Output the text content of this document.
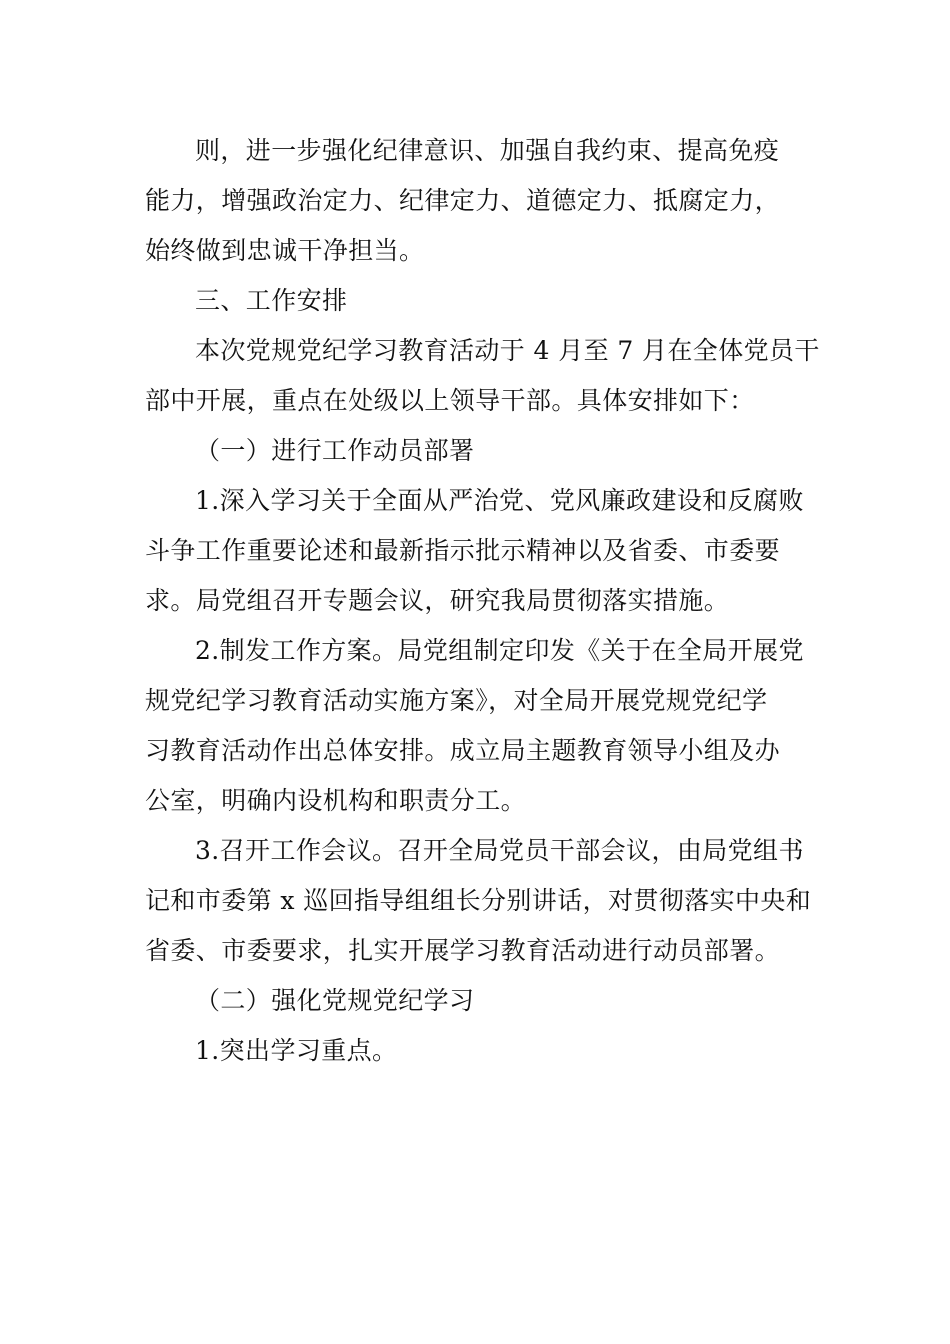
则，进一步强化纪律意识、加强自我约束、提高免疫
能力，增强政治定力、纪律定力、道德定力、抵腐定力，
始终做到忠诚干净担当。
三、工作安排
本次党规党纪学习教育活动于 4 月至 7 月在全体党员干
部中开展，重点在处级以上领导干部。具体安排如下：
（一）进行工作动员部署
1.深入学习关于全面从严治党、党风廉政建设和反腐败
斗争工作重要论述和最新指示批示精神以及省委、市委要
求。局党组召开专题会议，研究我局贯彻落实措施。
2.制发工作方案。局党组制定印发《关于在全局开展党
规党纪学习教育活动实施方案》，对全局开展党规党纪学
习教育活动作出总体安排。成立局主题教育领导小组及办
公室，明确内设机构和职责分工。
3.召开工作会议。召开全局党员干部会议，由局党组书
记和市委第 x 巡回指导组组长分别讲话，对贯彻落实中央和
省委、市委要求，扎实开展学习教育活动进行动员部署。
（二）强化党规党纪学习
1.突出学习重点。
